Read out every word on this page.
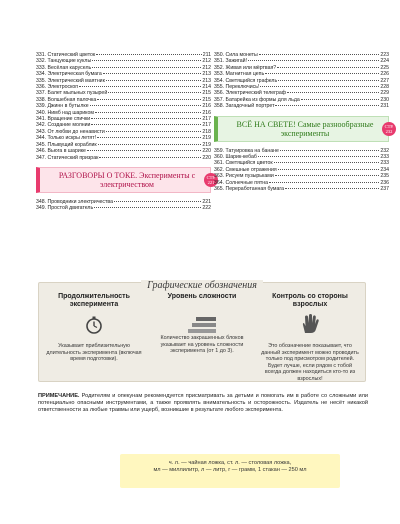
331. Статический цветок	211
332. Танцующие куклы	212
333. Весёлая карусель	212
334. Электрическая бумага	213
335. Электрический маятник	213
336. Электроскоп	214
337. Балет мыльных пузырей	215
338. Волшебная палочка	215
339. Джинн в бутылке	216
340. Нимб над шариком	216
341. Вращение спички	217
342. Создание молнии	217
343. От любви до ненависти	218
344. Только искры летят!	219
345. Плывущий кораблик	219
346. Вьюга в шарике	220
347. Статический призрак	220
РАЗГОВОРЫ О ТОКЕ. Эксперименты с электричеством
СТР. 221
348. Проводники электричества	221
349. Простой двигатель	222
350. Сила монеты	223
351. Зажигай!	224
352. Живая или мёртвая?	225
353. Магнитная цепь	226
354. Светящийся графель	227
355. Переключись!	228
356. Электрический телеграф	229
357. Батарейка из формы для льда	230
358. Загадочный портрет	231
ВСЁ НА СВЕТЕ! Самые разнообразные эксперименты
СТР. 232
359. Татуировка на банане	232
360. Шарик-кебаб	233
361. Светящийся цветок	233
362. Смешные отражения	234
363. Рисуем пузырьками	235
364. Солнечные пятна	236
365. Переработанная бумага	237
Графические обозначения
Продолжительность эксперимента
Указывает приблизительную длительность эксперимента (включая время подготовки).
Уровень сложности
Количество закрашенных блоков указывает на уровень сложности эксперимента (от 1 до 3).
Контроль со стороны взрослых
Это обозначение показывает, что данный эксперимент можно проводить только под присмотром родителей. Будет лучше, если рядом с тобой всегда должен находиться кто-то из взрослых!
ПРИМЕЧАНИЕ. Родителям и опекунам рекомендуется присматривать за детьми и помогать им в работе со сложными или потенциально опасными инструментами, а также проявлять внимательность и осторожность. Издатель не несёт никакой ответственности за любые травмы или ущерб, возникшие в результате любого эксперимента.
ч. л. — чайная ложка, ст. л. — столовая ложка,
мл — миллилитр, л — литр, г — грамм, 1 стакан — 250 мл
